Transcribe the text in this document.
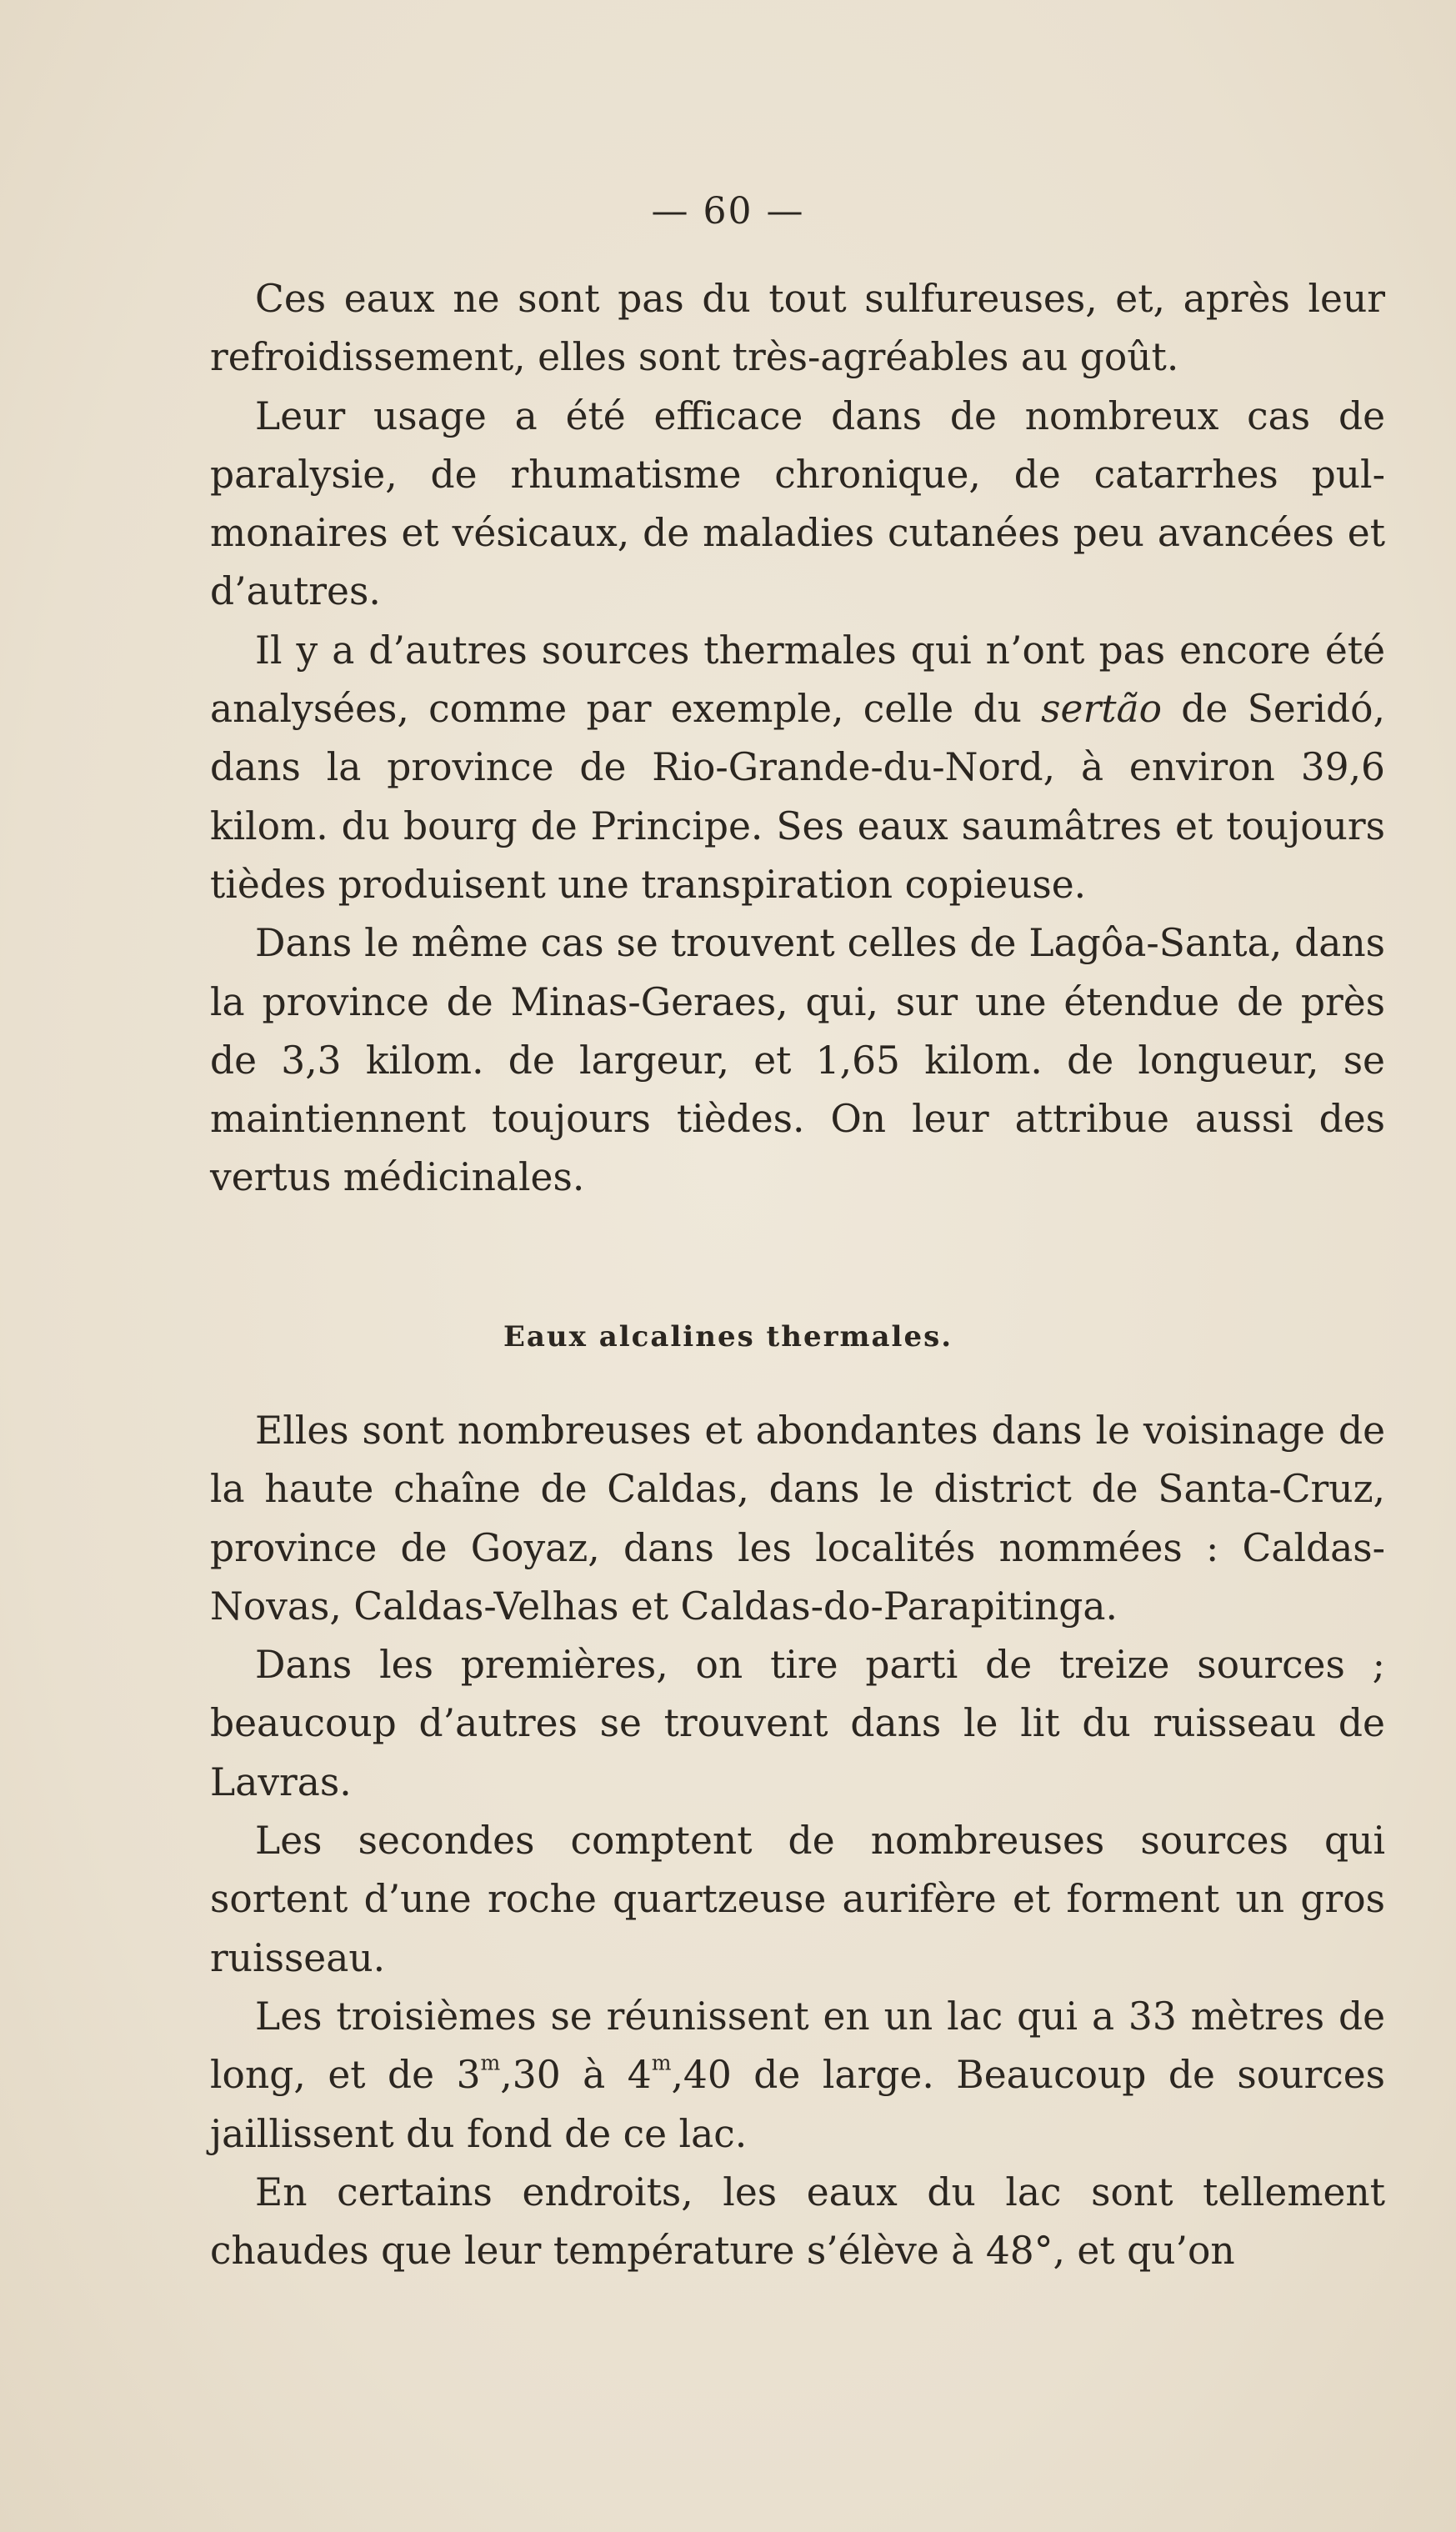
— 60 —

Ces eaux ne sont pas du tout sulfureuses, et, après leur refroidissement, elles sont très-agréables au goût.

Leur usage a été efficace dans de nombreux cas de paralysie, de rhumatisme chronique, de catarrhes pulmonaires et vésicaux, de maladies cutanées peu avancées et d’autres.

Il y a d’autres sources thermales qui n’ont pas encore été analysées, comme par exemple, celle du sertão de Seridó, dans la province de Rio-Grande-du-Nord, à environ 39,6 kilom. du bourg de Principe. Ses eaux saumâtres et toujours tièdes produisent une transpiration copieuse.

Dans le même cas se trouvent celles de Lagôa-Santa, dans la province de Minas-Geraes, qui, sur une étendue de près de 3,3 kilom. de largeur, et 1,65 kilom. de longueur, se maintiennent toujours tièdes. On leur attribue aussi des vertus médicinales.

Eaux alcalines thermales.

Elles sont nombreuses et abondantes dans le voisinage de la haute chaîne de Caldas, dans le district de Santa-Cruz, province de Goyaz, dans les localités nommées : Caldas-Novas, Caldas-Velhas et Caldas-do-Parapitinga.

Dans les premières, on tire parti de treize sources ; beaucoup d’autres se trouvent dans le lit du ruisseau de Lavras.

Les secondes comptent de nombreuses sources qui sortent d’une roche quartzeuse aurifère et forment un gros ruisseau.

Les troisièmes se réunissent en un lac qui a 33 mètres de long, et de 3$^m$,30 à 4$^m$,40 de large. Beaucoup de sources jaillissent du fond de ce lac.

En certains endroits, les eaux du lac sont tellement chaudes que leur température s’élève à 48°, et qu’on
